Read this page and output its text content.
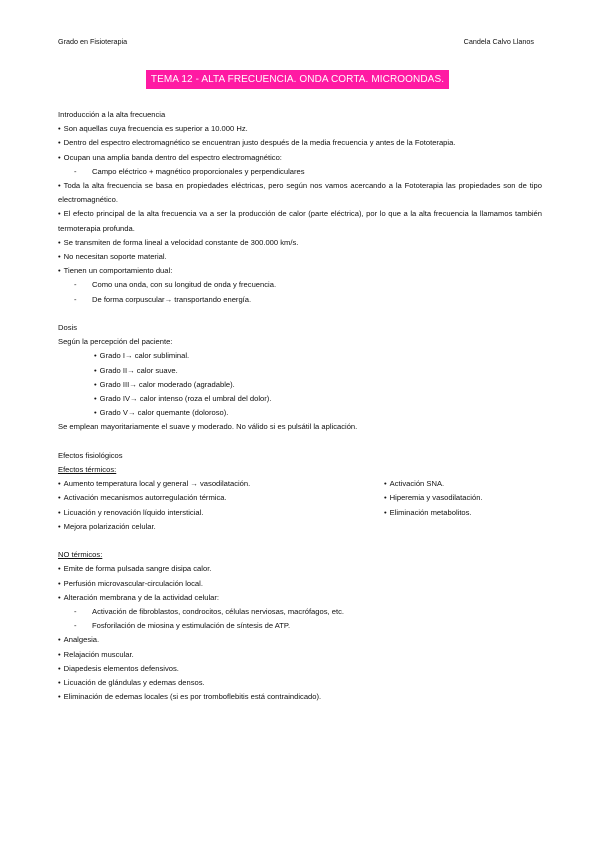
Grado en Fisioterapia	Candela Calvo Llanos
TEMA 12 - ALTA FRECUENCIA. ONDA CORTA. MICROONDAS.
Introducción a la alta frecuencia
• Son aquellas cuya frecuencia es superior a 10.000 Hz.
• Dentro del espectro electromagnético se encuentran justo después de la media frecuencia y antes de la Fototerapia.
• Ocupan una amplia banda dentro del espectro electromagnético:
- Campo eléctrico + magnético proporcionales y perpendiculares
• Toda la alta frecuencia se basa en propiedades eléctricas, pero según nos vamos acercando a la Fototerapia las propiedades son de tipo electromagnético.
• El efecto principal de la alta frecuencia va a ser la producción de calor (parte eléctrica), por lo que a la alta frecuencia la llamamos también termoterapia profunda.
• Se transmiten de forma lineal a velocidad constante de 300.000 km/s.
• No necesitan soporte material.
• Tienen un comportamiento dual:
- Como una onda, con su longitud de onda y frecuencia.
- De forma corpuscular→ transportando energía.
Dosis
Según la percepción del paciente:
• Grado I→ calor subliminal.
• Grado II→ calor suave.
• Grado III→ calor moderado (agradable).
• Grado IV→ calor intenso (roza el umbral del dolor).
• Grado V→ calor quemante (doloroso).
Se emplean mayoritariamente el suave y moderado. No válido si es pulsátil la aplicación.
Efectos fisiológicos
Efectos térmicos:
• Aumento temperatura local y general → vasodilatación.
• Activación mecanismos autorregulación térmica.
• Licuación y renovación líquido intersticial.
• Mejora polarización celular.
• Activación SNA.
• Hiperemia y vasodilatación.
• Eliminación metabolitos.
NO térmicos:
• Emite de forma pulsada sangre disipa calor.
• Perfusión microvascular-circulación local.
• Alteración membrana y de la actividad celular:
- Activación de fibroblastos, condrocitos, células nerviosas, macrófagos, etc.
- Fosforilación de miosina y estimulación de síntesis de ATP.
• Analgesia.
• Relajación muscular.
• Diapedesis elementos defensivos.
• Licuación de glándulas y edemas densos.
• Eliminación de edemas locales (si es por tromboflebitis está contraindicado).
